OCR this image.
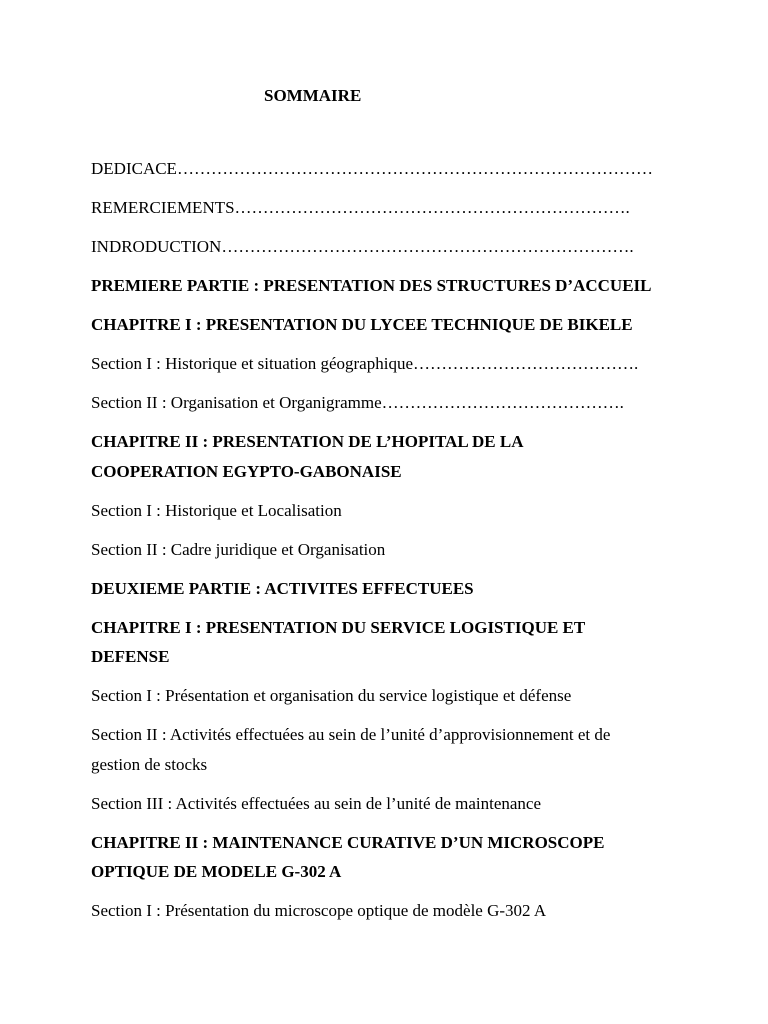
SOMMAIRE
DEDICACE…………………………………………………………………………
REMERCIEMENTS…………………………………………………………….
INDRODUCTION……………………………………………………………….
PREMIERE PARTIE : PRESENTATION DES STRUCTURES D’ACCUEIL
CHAPITRE I : PRESENTATION DU LYCEE TECHNIQUE DE BIKELE
Section I : Historique et situation géographique………………………………….
Section II : Organisation et Organigramme…………………………………….
CHAPITRE II : PRESENTATION DE L’HOPITAL DE LA COOPERATION EGYPTO-GABONAISE
Section I : Historique et Localisation
Section II : Cadre juridique et Organisation
DEUXIEME PARTIE : ACTIVITES EFFECTUEES
CHAPITRE I : PRESENTATION DU SERVICE LOGISTIQUE ET DEFENSE
Section I : Présentation et organisation du service logistique et défense
Section II : Activités effectuées au sein de l’unité d’approvisionnement et de gestion de stocks
Section III : Activités effectuées au sein de l’unité de maintenance
CHAPITRE II : MAINTENANCE CURATIVE D’UN MICROSCOPE OPTIQUE DE MODELE G-302 A
Section I : Présentation du microscope optique de modèle G-302 A
